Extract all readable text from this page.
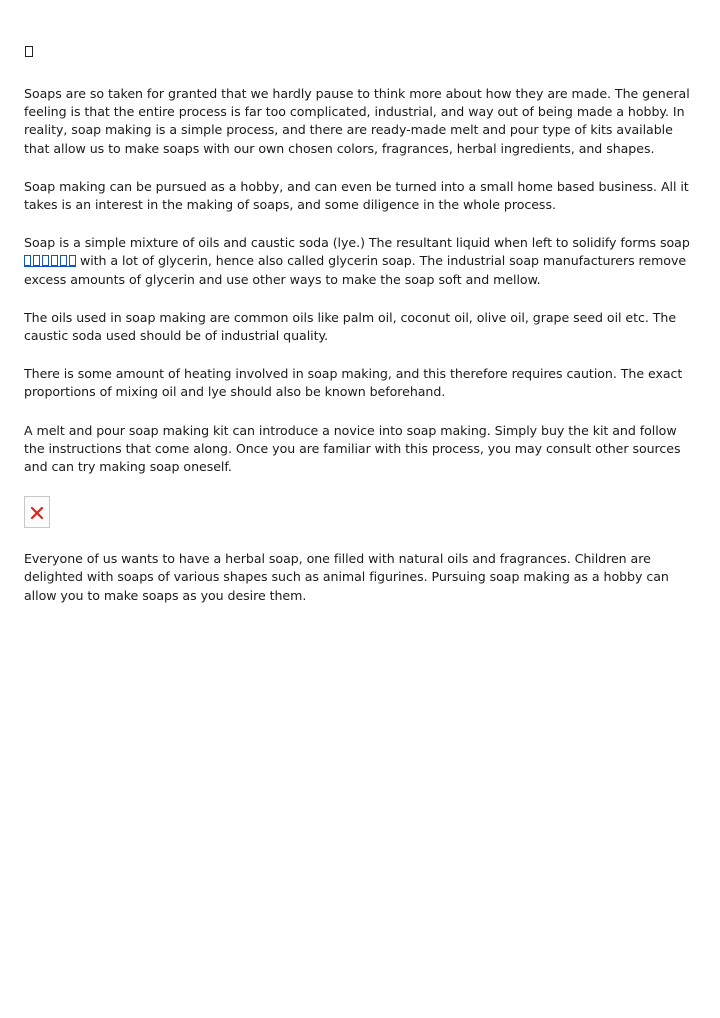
Soaps are so taken for granted that we hardly pause to think more about how they are made. The general feeling is that the entire process is far too complicated, industrial, and way out of being made a hobby. In reality, soap making is a simple process, and there are ready-made melt and pour type of kits available that allow us to make soaps with our own chosen colors, fragrances, herbal ingredients, and shapes.

Soap making can be pursued as a hobby, and can even be turned into a small home based business. All it takes is an interest in the making of soaps, and some diligence in the whole process.

Soap is a simple mixture of oils and caustic soda (lye.) The resultant liquid when left to solidify forms soap
with a lot of glycerin, hence also called glycerin soap. The industrial soap manufacturers remove excess amounts of glycerin and use other ways to make the soap soft and mellow.

The oils used in soap making are common oils like palm oil, coconut oil, olive oil, grape seed oil etc. The caustic soda used should be of industrial quality.

There is some amount of heating involved in soap making, and this therefore requires caution. The exact proportions of mixing oil and lye should also be known beforehand.

A melt and pour soap making kit can introduce a novice into soap making. Simply buy the kit and follow the instructions that come along. Once you are familiar with this process, you may consult other sources and can try making soap oneself.

Everyone of us wants to have a herbal soap, one filled with natural oils and fragrances. Children are delighted with soaps of various shapes such as animal figurines. Pursuing soap making as a hobby can allow you to make soaps as you desire them.
